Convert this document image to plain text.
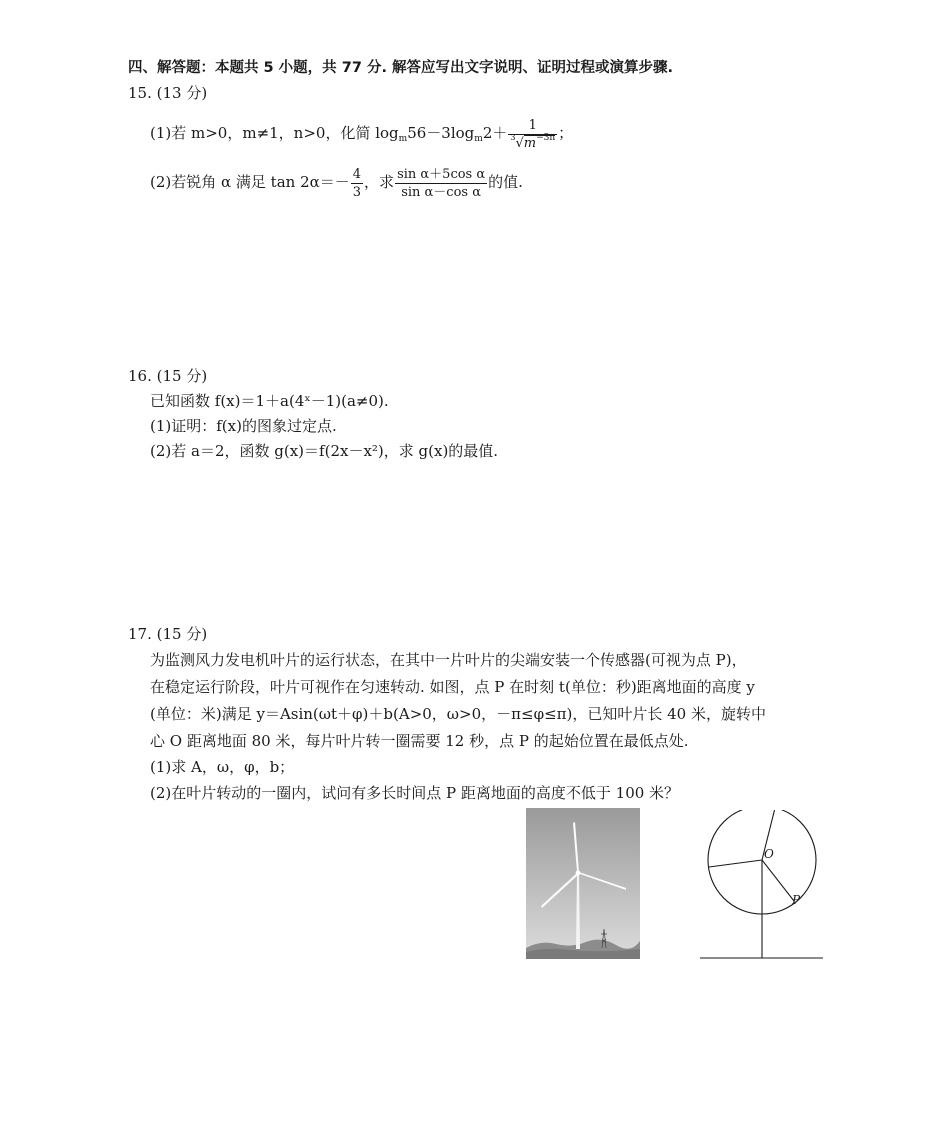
四、解答题：本题共 5 小题，共 77 分. 解答应写出文字说明、证明过程或演算步骤.
15. (13 分)
(1)若 m>0，m≠1，n>0，化简 $\log_m56-3\log_m2+ \frac{1}{^3√m^{-3n}}$ ；
(2)若锐角 α 满足 $\tan 2\alpha=- \frac{4}{3}$ ，求 $\frac{\text{sin α＋5cos α}}{\text{sin α－cos α}}$ 的值.
16. (15 分)
已知函数 f(x)＝1＋a(4ˣ－1)(a≠0).
(1)证明：f(x)的图象过定点.
(2)若 a＝2，函数 g(x)＝f(2x－x²)，求 g(x)的最值.
17. (15 分)
为监测风力发电机叶片的运行状态，在其中一片叶片的尖端安装一个传感器(可视为点 P)，
在稳定运行阶段，叶片可视作在匀速转动. 如图，点 P 在时刻 t(单位：秒)距离地面的高度 y
(单位：米)满足 y＝Asin(ωt＋φ)＋b(A>0，ω>0，－π≤φ≤π)，已知叶片长 40 米，旋转中
心 O 距离地面 80 米，每片叶片转一圈需要 12 秒，点 P 的起始位置在最低点处.
(1)求 A，ω，φ，b；
(2)在叶片转动的一圈内，试问有多长时间点 P 距离地面的高度不低于 100 米？
O
P
